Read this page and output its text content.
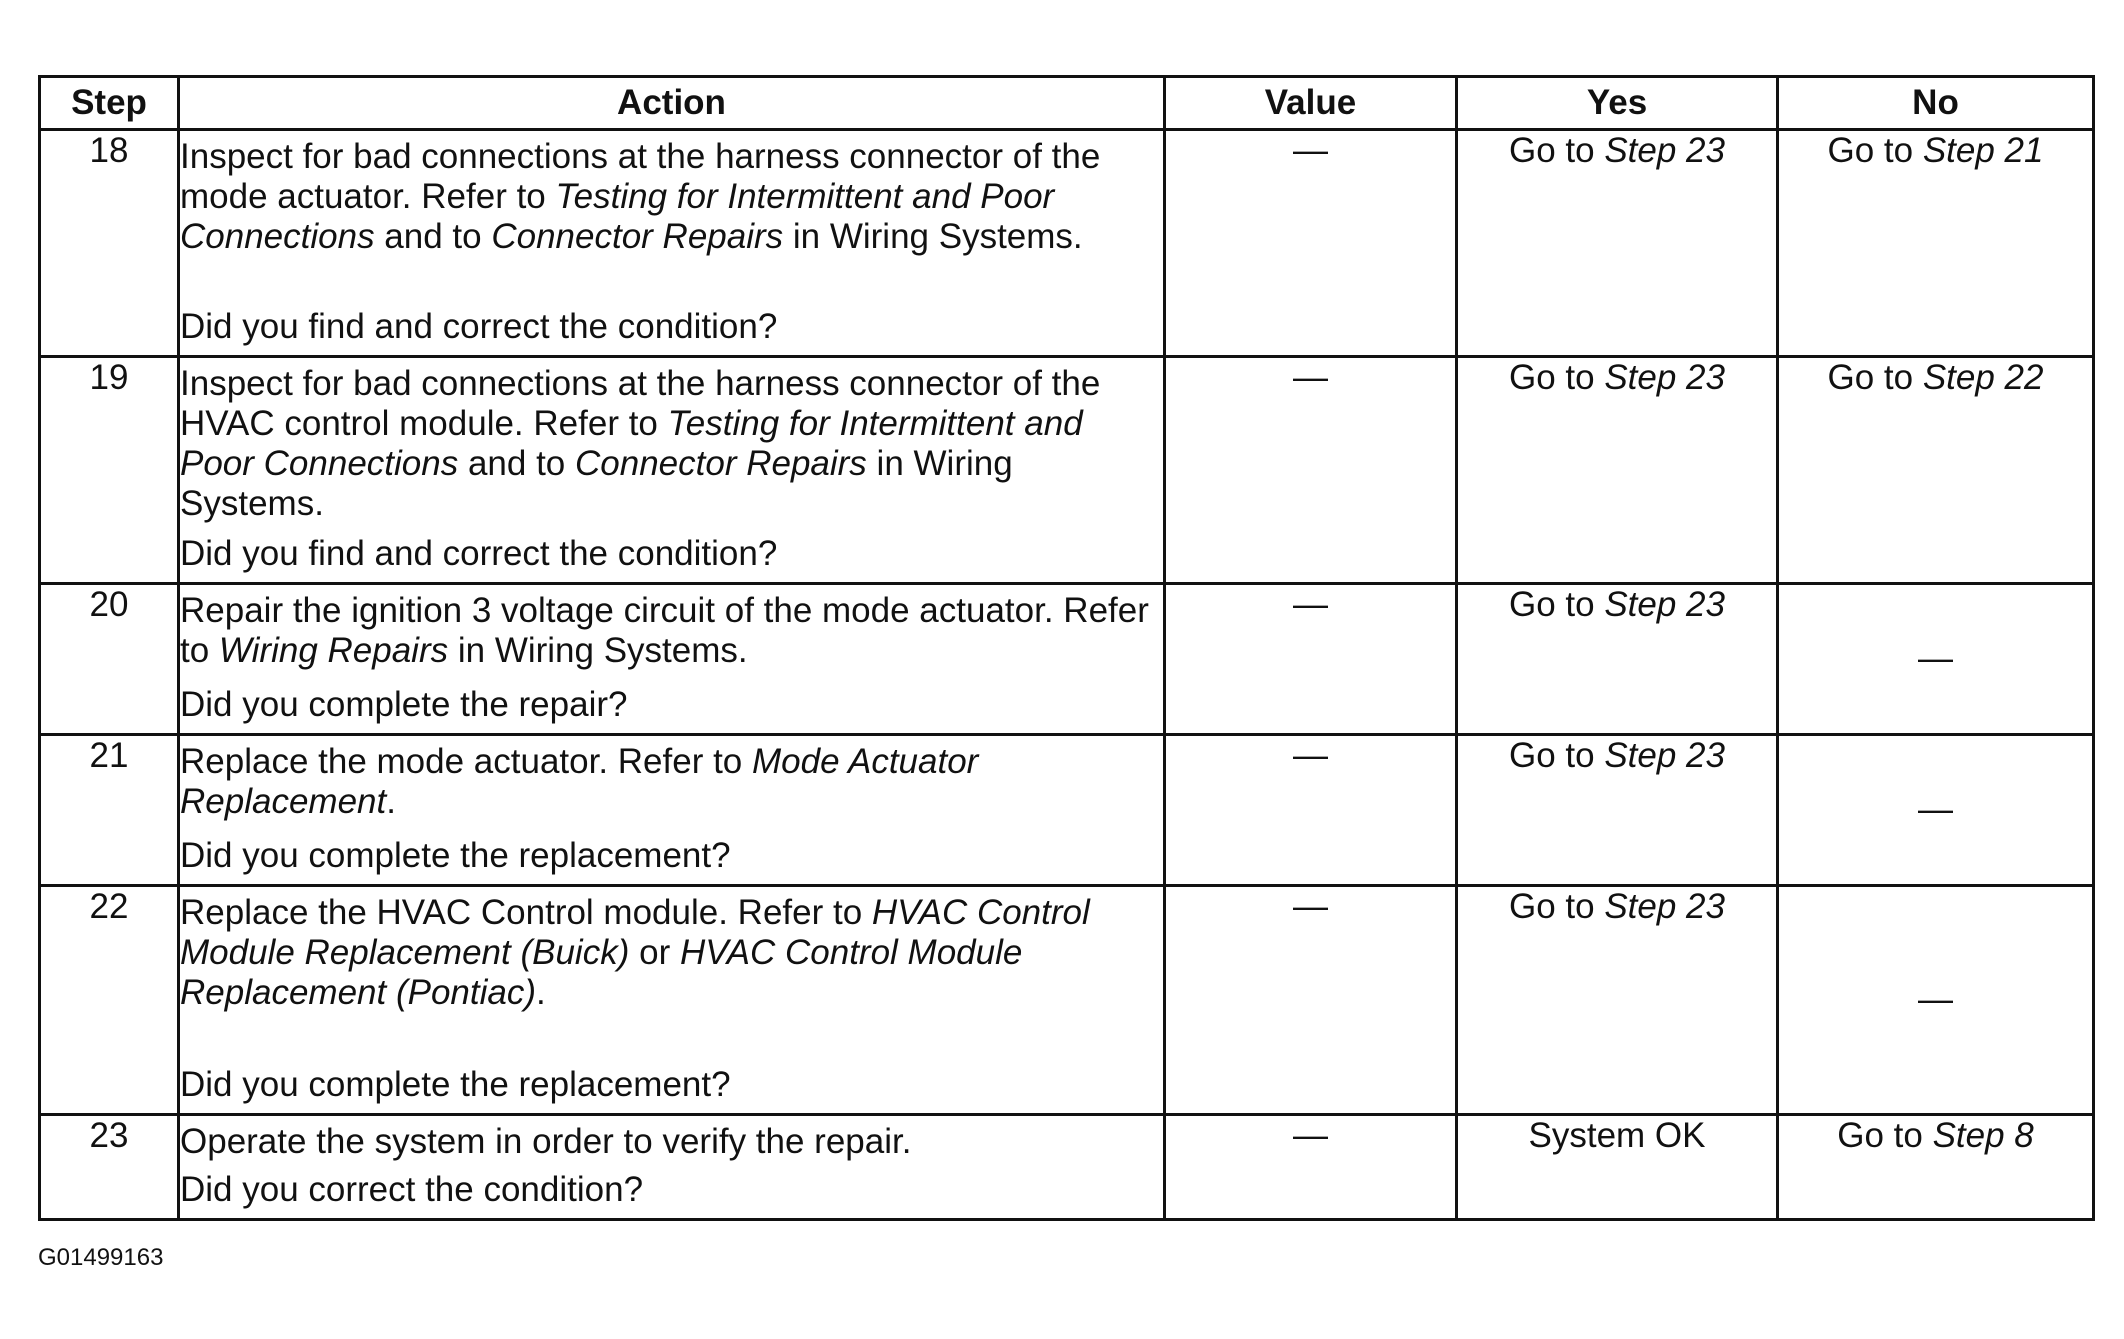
Step	Action	Value	Yes	No
18	Inspect for bad connections at the harness connector of the mode actuator. Refer to Testing for Intermittent and Poor Connections and to Connector Repairs in Wiring Systems.

Did you find and correct the condition?	—	Go to Step 23	Go to Step 21
19	Inspect for bad connections at the harness connector of the HVAC control module. Refer to Testing for Intermittent and Poor Connections and to Connector Repairs in Wiring Systems.

Did you find and correct the condition?	—	Go to Step 23	Go to Step 22
20	Repair the ignition 3 voltage circuit of the mode actuator. Refer to Wiring Repairs in Wiring Systems.

Did you complete the repair?	—	Go to Step 23	—
21	Replace the mode actuator. Refer to Mode Actuator Replacement.

Did you complete the replacement?	—	Go to Step 23	—
22	Replace the HVAC Control module. Refer to HVAC Control Module Replacement (Buick) or HVAC Control Module Replacement (Pontiac).

Did you complete the replacement?	—	Go to Step 23	—
23	Operate the system in order to verify the repair.

Did you correct the condition?	—	System OK	Go to Step 8
G01499163
